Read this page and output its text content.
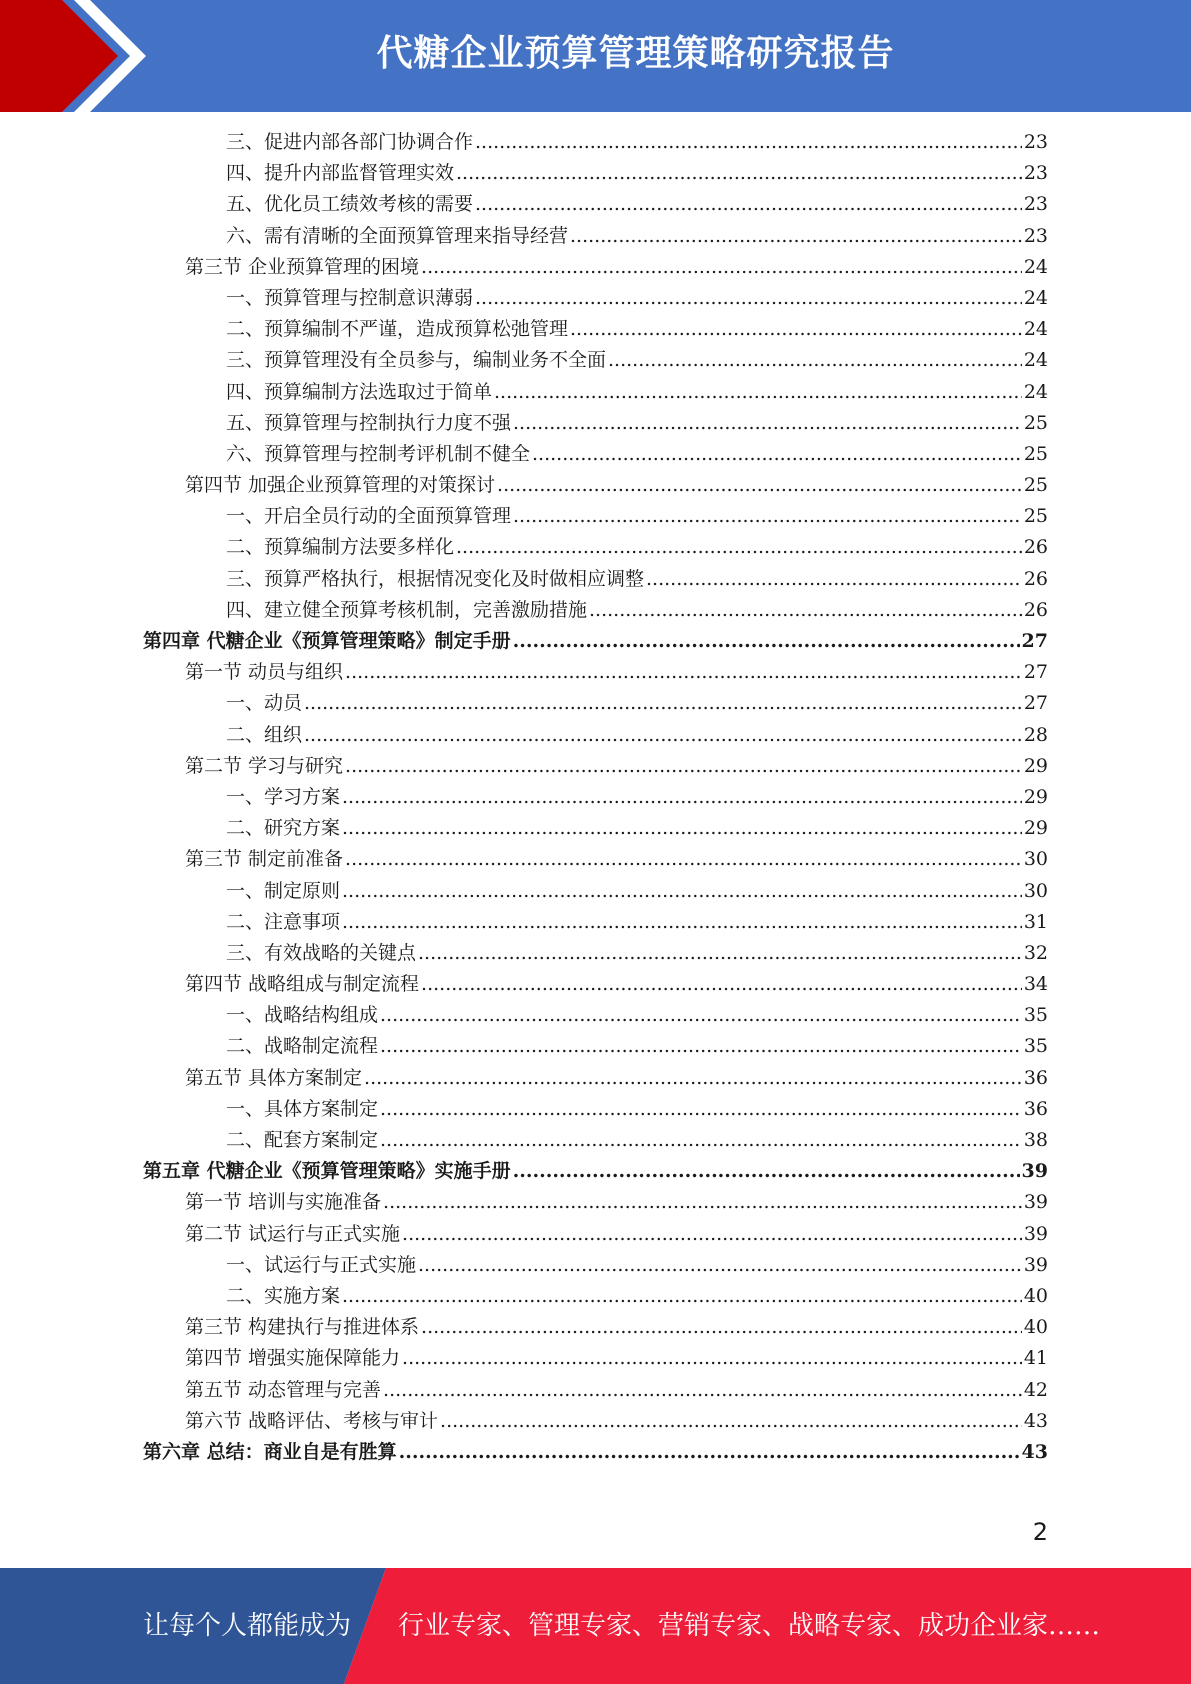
代糖企业预算管理策略研究报告
三、促进内部各部门协调合作 .....	23
四、提升内部监督管理实效 .....	23
五、优化员工绩效考核的需要 .....	23
六、需有清晰的全面预算管理来指导经营 .....	23
第三节 企业预算管理的困境 .....	24
一、预算管理与控制意识薄弱 .....	24
二、预算编制不严谨，造成预算松弛管理 .....	24
三、预算管理没有全员参与，编制业务不全面 .....	24
四、预算编制方法选取过于简单 .....	24
五、预算管理与控制执行力度不强 .....	25
六、预算管理与控制考评机制不健全 .....	25
第四节 加强企业预算管理的对策探讨 .....	25
一、开启全员行动的全面预算管理 .....	25
二、预算编制方法要多样化 .....	26
三、预算严格执行，根据情况变化及时做相应调整 .....	26
四、建立健全预算考核机制，完善激励措施 .....	26
第四章 代糖企业《预算管理策略》制定手册 .....	27
第一节 动员与组织 .....	27
一、动员 .....	27
二、组织 .....	28
第二节 学习与研究 .....	29
一、学习方案 .....	29
二、研究方案 .....	29
第三节 制定前准备 .....	30
一、制定原则 .....	30
二、注意事项 .....	31
三、有效战略的关键点 .....	32
第四节 战略组成与制定流程 .....	34
一、战略结构组成 .....	35
二、战略制定流程 .....	35
第五节 具体方案制定 .....	36
一、具体方案制定 .....	36
二、配套方案制定 .....	38
第五章 代糖企业《预算管理策略》实施手册 .....	39
第一节 培训与实施准备 .....	39
第二节 试运行与正式实施 .....	39
一、试运行与正式实施 .....	39
二、实施方案 .....	40
第三节 构建执行与推进体系 .....	40
第四节 增强实施保障能力 .....	41
第五节 动态管理与完善 .....	42
第六节 战略评估、考核与审计 .....	43
第六章 总结：商业自是有胜算 .....	43
2
让每个人都能成为 行业专家、管理专家、营销专家、战略专家、成功企业家……
